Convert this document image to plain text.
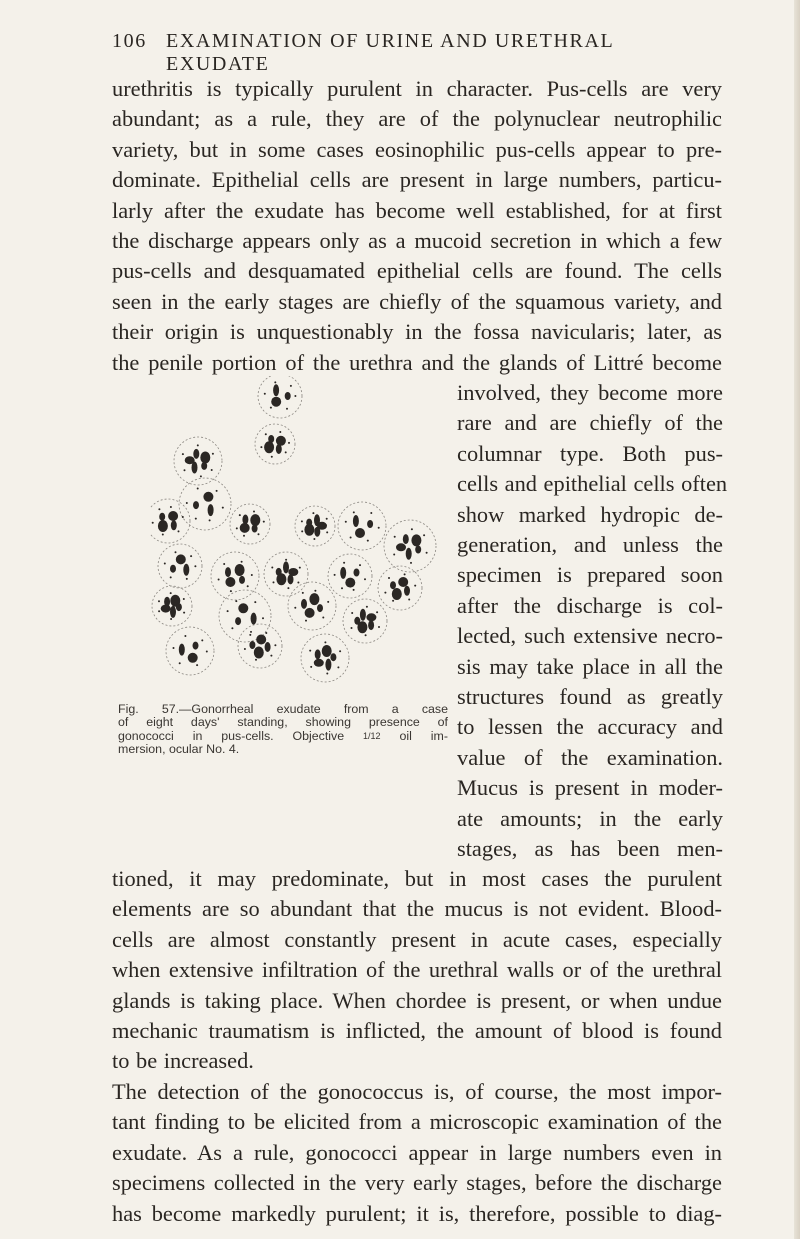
106 EXAMINATION OF URINE AND URETHRAL EXUDATE
urethritis is typically purulent in character. Pus-cells are very
abundant; as a rule, they are of the polynuclear neutrophilic
variety, but in some cases eosinophilic pus-cells appear to pre-
dominate. Epithelial cells are present in large numbers, particu-
larly after the exudate has become well established, for at first
the discharge appears only as a mucoid secretion in which a few
pus-cells and desquamated epithelial cells are found. The cells
seen in the early stages are chiefly of the squamous variety, and
their origin is unquestionably in the fossa navicularis; later, as
the penile portion of the urethra and the glands of Littré become
involved, they become more
rare and are chiefly of the
columnar type. Both pus-
cells and epithelial cells often
show marked hydropic de-
generation, and unless the
specimen is prepared soon
after the discharge is col-
lected, such extensive necro-
sis may take place in all the
structures found as greatly
to lessen the accuracy and
value of the examination.
Mucus is present in moder-
ate amounts; in the early
stages, as has been men-
tioned, it may predominate, but in most cases the purulent
elements are so abundant that the mucus is not evident. Blood-
cells are almost constantly present in acute cases, especially
when extensive infiltration of the urethral walls or of the urethral
glands is taking place. When chordee is present, or when undue
mechanic traumatism is inflicted, the amount of blood is found
to be increased.
The detection of the gonococcus is, of course, the most impor-
tant finding to be elicited from a microscopic examination of the
exudate. As a rule, gonococci appear in large numbers even in
specimens collected in the very early stages, before the discharge
has become markedly purulent; it is, therefore, possible to diag-
Fig. 57.—Gonorrheal exudate from a case
of eight days' standing, showing presence of
gonococci in pus-cells. Objective 1/12 oil im-
mersion, ocular No. 4.
